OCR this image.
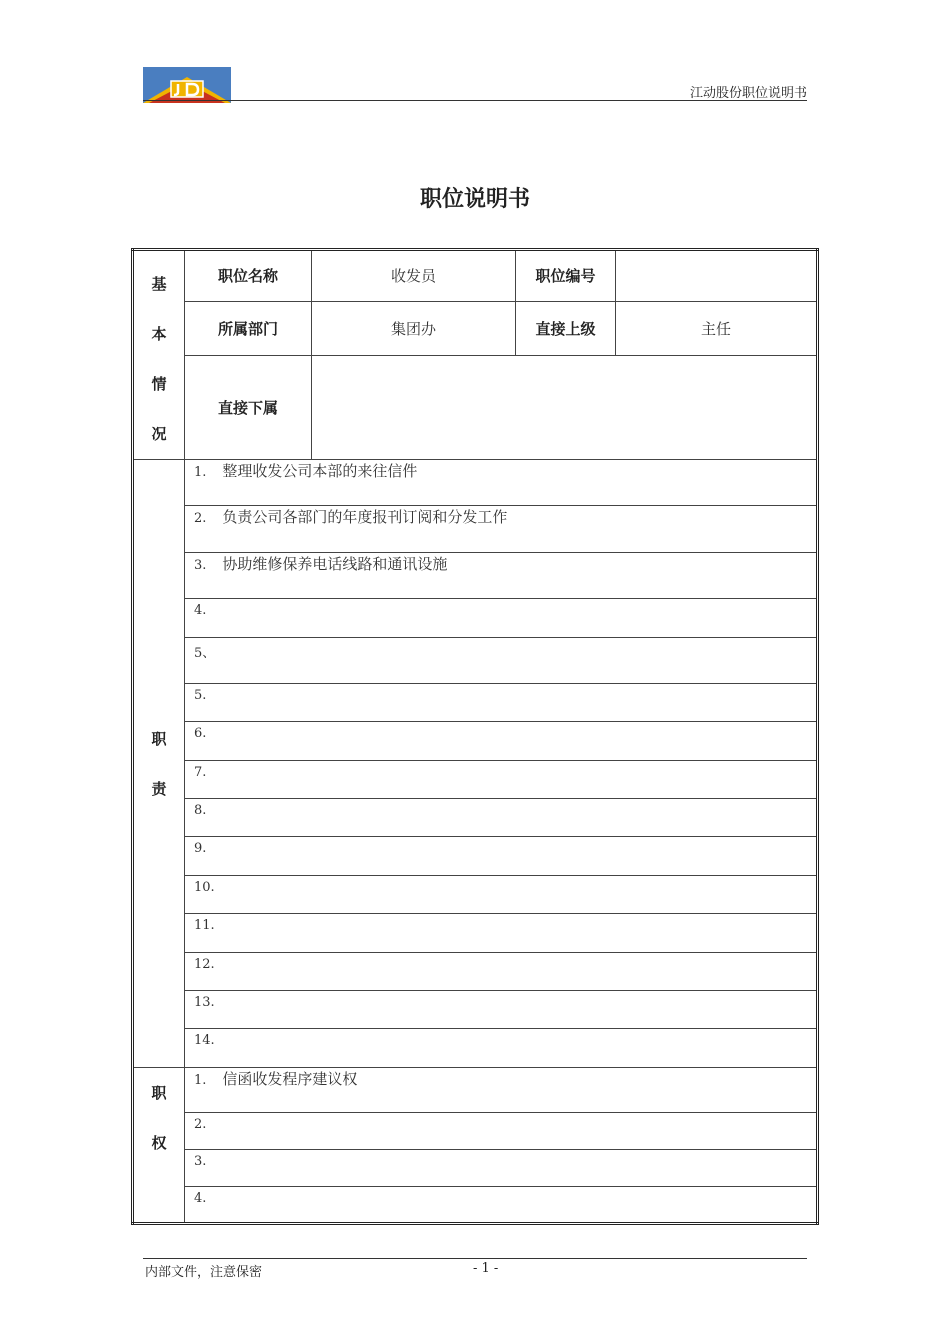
江动股份职位说明书
职位说明书
基
本
情
况	职位名称	收发员	职位编号	
	所属部门	集团办	直接上级	主任
	直接下属			

职
责	1. 整理收发公司本部的来往信件			
	2. 负责公司各部门的年度报刊订阅和分发工作			
	3. 协助维修保养电话线路和通讯设施			
	4.			
	5、			
	5.			
	6.			
	7.			
	8.			
	9.			
	10.			
	11.			
	12.			
	13.			
	14.			

职
权	1. 信函收发程序建议权			
	2.			
	3.			
	4.			
内部文件，注意保密	- 1 -
